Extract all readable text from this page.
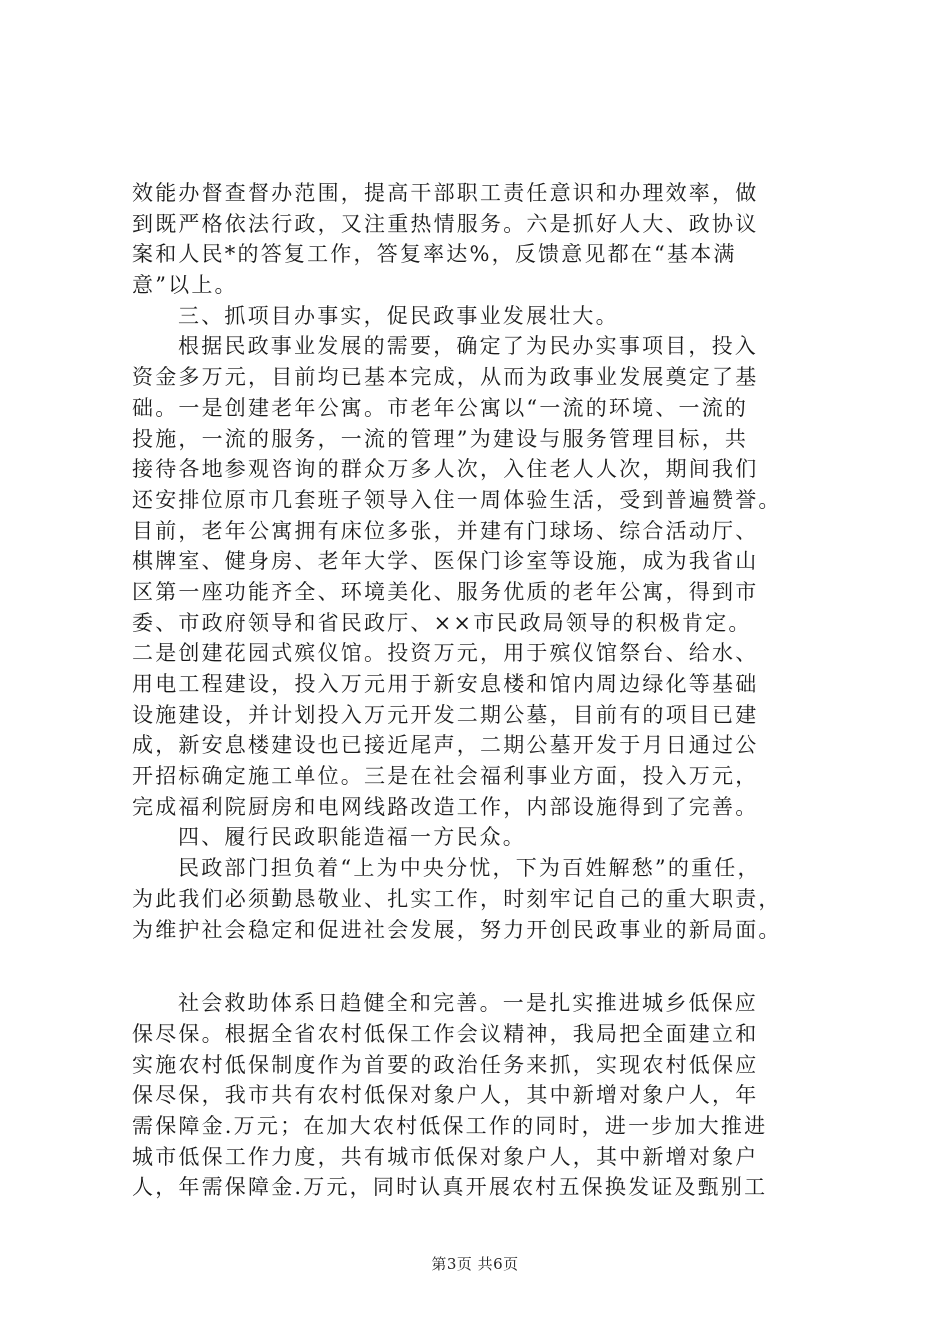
效能办督查督办范围，提高干部职工责任意识和办理效率，做
到既严格依法行政，又注重热情服务。六是抓好人大、政协议
案和人民*的答复工作，答复率达%，反馈意见都在“基本满
意”以上。
三、抓项目办事实，促民政事业发展壮大。
根据民政事业发展的需要，确定了为民办实事项目，投入
资金多万元，目前均已基本完成，从而为政事业发展奠定了基
础。一是创建老年公寓。市老年公寓以“一流的环境、一流的
投施，一流的服务，一流的管理”为建设与服务管理目标，共
接待各地参观咨询的群众万多人次，入住老人人次，期间我们
还安排位原市几套班子领导入住一周体验生活，受到普遍赞誉。
目前，老年公寓拥有床位多张，并建有门球场、综合活动厅、
棋牌室、健身房、老年大学、医保门诊室等设施，成为我省山
区第一座功能齐全、环境美化、服务优质的老年公寓，得到市
委、市政府领导和省民政厅、××市民政局领导的积极肯定。
二是创建花园式殡仪馆。投资万元，用于殡仪馆祭台、给水、
用电工程建设，投入万元用于新安息楼和馆内周边绿化等基础
设施建设，并计划投入万元开发二期公墓，目前有的项目已建
成，新安息楼建设也已接近尾声，二期公墓开发于月日通过公
开招标确定施工单位。三是在社会福利事业方面，投入万元，
完成福利院厨房和电网线路改造工作，内部设施得到了完善。
四、履行民政职能造福一方民众。
民政部门担负着“上为中央分忧，下为百姓解愁”的重任，
为此我们必须勤恳敬业、扎实工作，时刻牢记自己的重大职责，
为维护社会稳定和促进社会发展，努力开创民政事业的新局面。
社会救助体系日趋健全和完善。一是扎实推进城乡低保应
保尽保。根据全省农村低保工作会议精神，我局把全面建立和
实施农村低保制度作为首要的政治任务来抓，实现农村低保应
保尽保，我市共有农村低保对象户人，其中新增对象户人，年
需保障金.万元；在加大农村低保工作的同时，进一步加大推进
城市低保工作力度，共有城市低保对象户人，其中新增对象户
人，年需保障金.万元，同时认真开展农村五保换发证及甄别工
第3页 共6页
